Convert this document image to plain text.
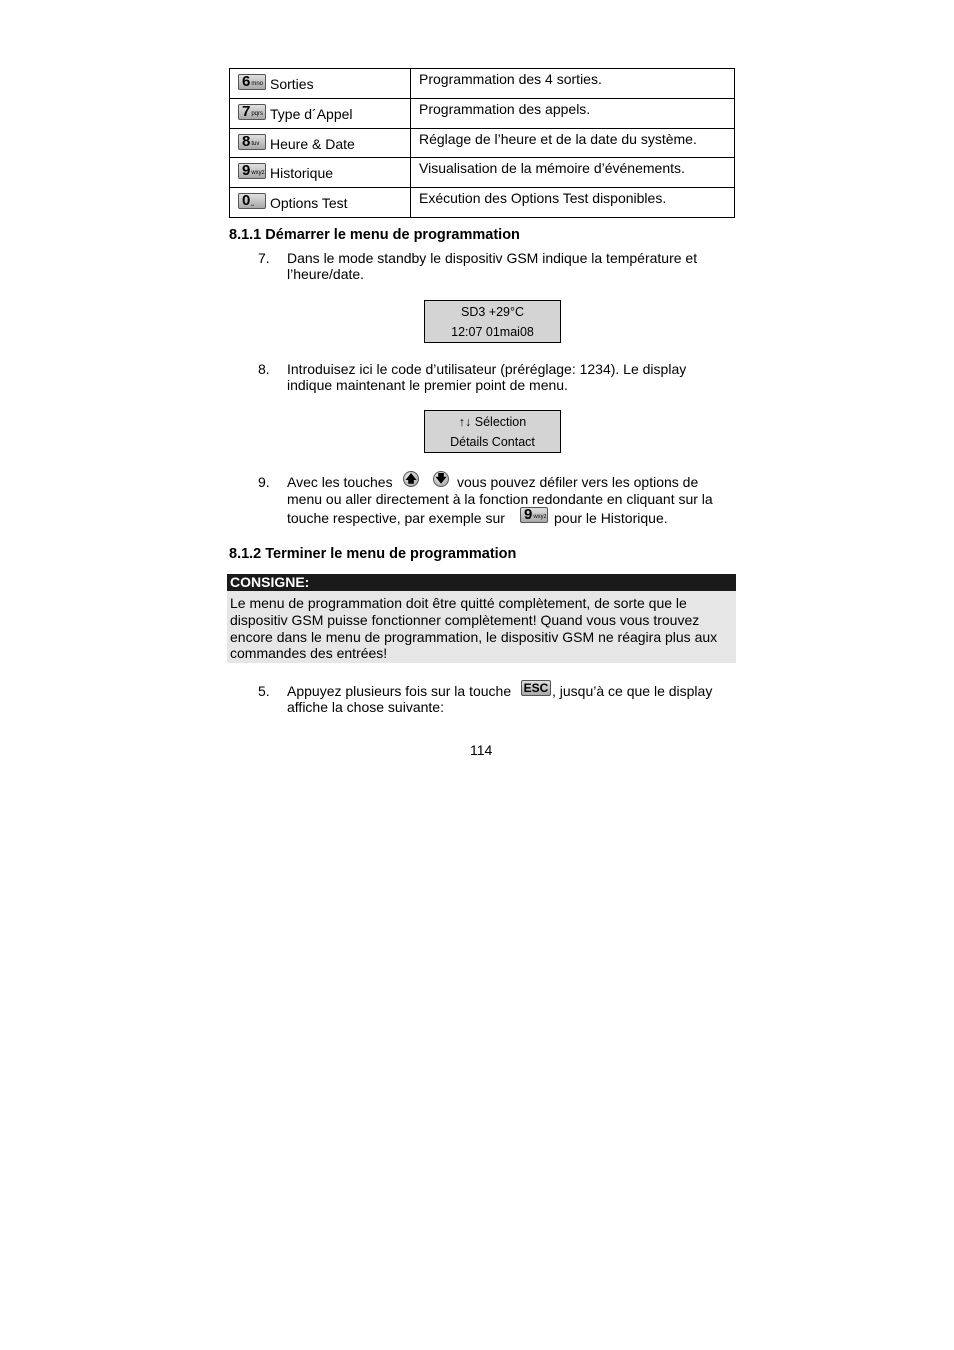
6 mno Sorties	Programmation des 4 sorties.

7 pqrs Type d´Appel	Programmation des appels.

8 tuv Heure & Date	Réglage de l’heure et de la date du système.

9 wxyz Historique	Visualisation de la mémoire d’événements.

0 ⎵ Options Test	Exécution des Options Test disponibles.
8.1.1 Démarrer le menu de programmation
7. Dans le mode standby le dispositiv GSM indique la température et
l’heure/date.
SD3 +29°C
12:07 01mai08
8. Introduisez ici le code d’utilisateur (préréglage: 1234). Le display
indique maintenant le premier point de menu.
↑↓ Sélection
Détails Contact
9. Avec les touches 🡅 🡇 vous pouvez défiler vers les options de
menu ou aller directement à la fonction redondante en cliquant sur la
touche respective, par exemple sur 9 wxyz pour le Historique.
8.1.2 Terminer le menu de programmation
CONSIGNE:
Le menu de programmation doit être quitté complètement, de sorte que le
dispositiv GSM puisse fonctionner complètement! Quand vous vous trouvez
encore dans le menu de programmation, le dispositiv GSM ne réagira plus aux
commandes des entrées!
5. Appuyez plusieurs fois sur la touche ESC , jusqu’à ce que le display
affiche la chose suivante:
114
